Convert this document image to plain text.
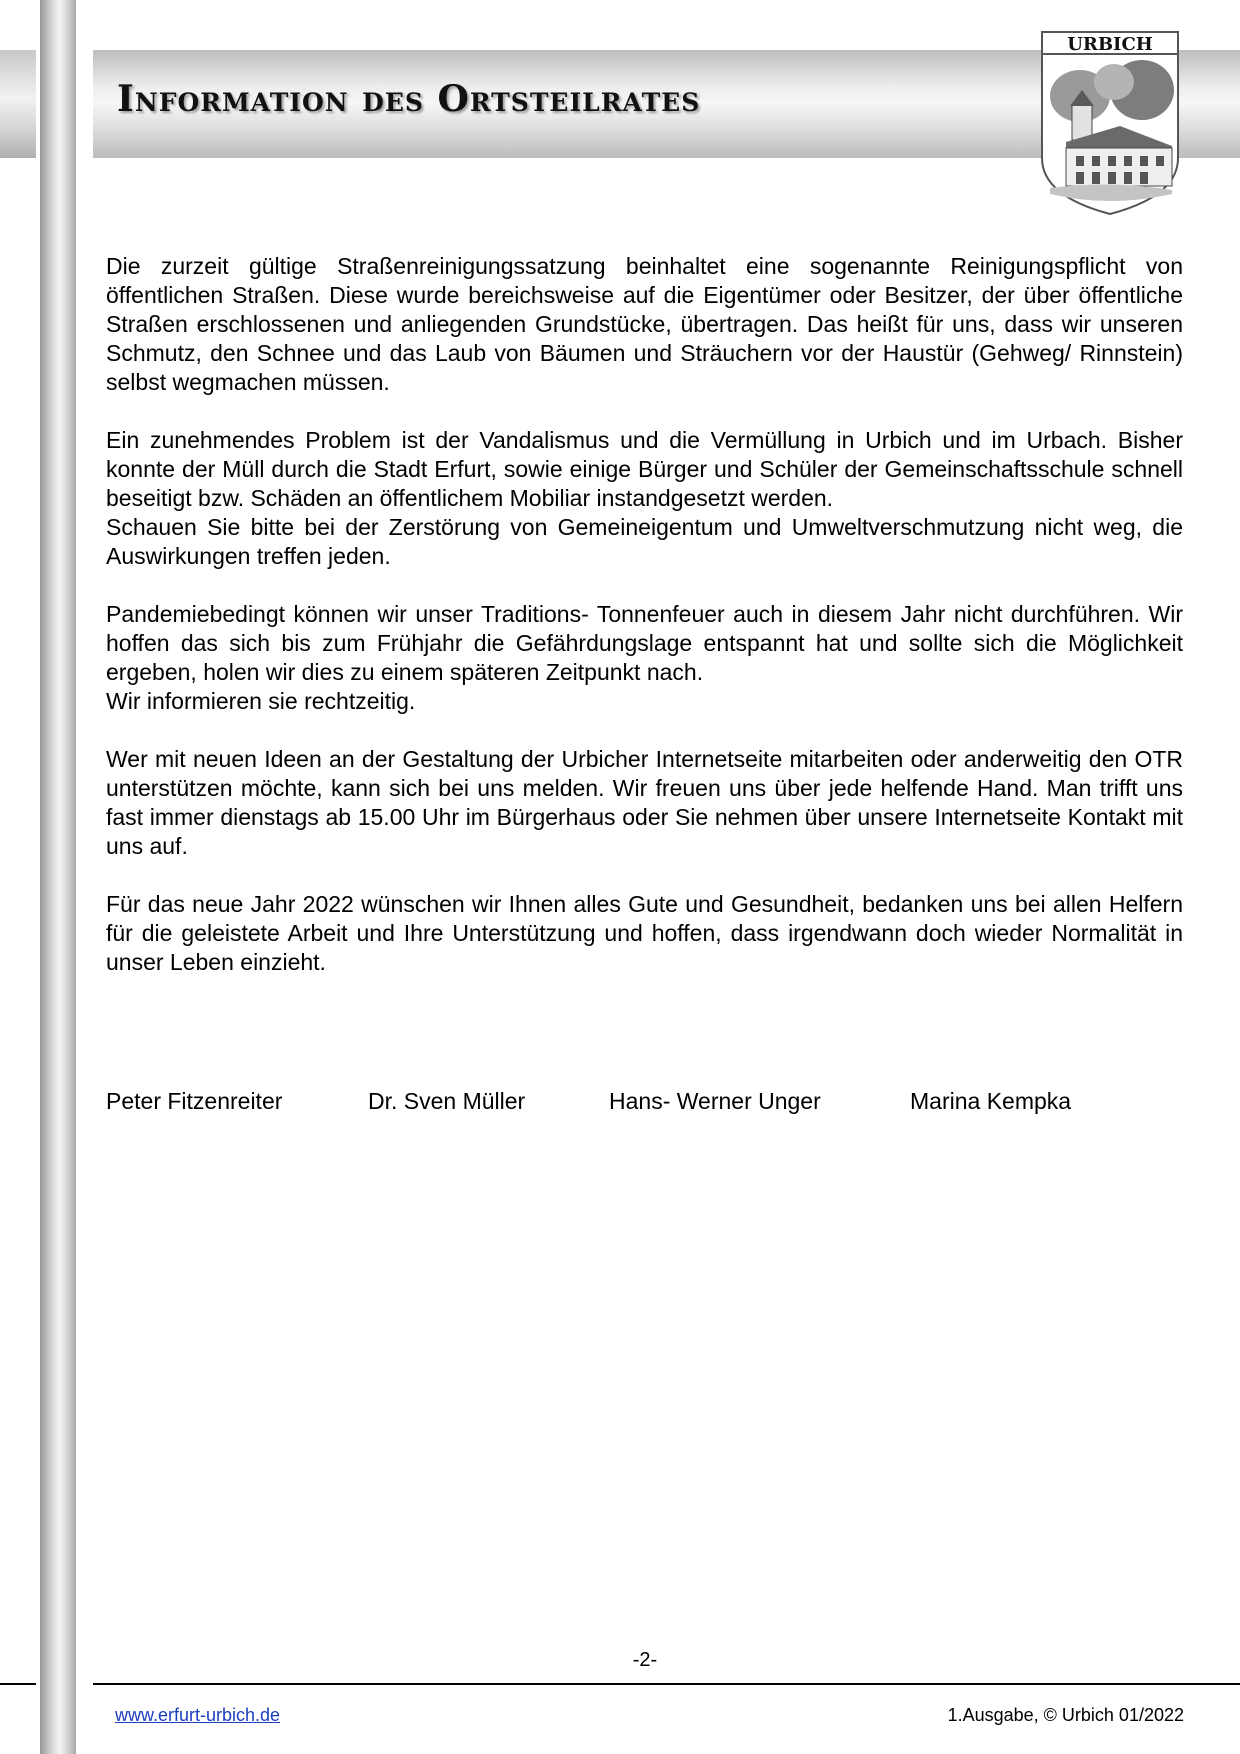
Information des Ortsteilrates
URBICH

Die zurzeit gültige Straßenreinigungssatzung beinhaltet eine sogenannte Reinigungspflicht von öffentlichen Straßen. Diese wurde bereichsweise auf die Eigentümer oder Besitzer, der über öffentliche Straßen erschlossenen und anliegenden Grundstücke, übertragen. Das heißt für uns, dass wir unseren Schmutz, den Schnee und das Laub von Bäumen und Sträuchern vor der Haustür (Gehweg/ Rinnstein) selbst wegmachen müssen.

Ein zunehmendes Problem ist der Vandalismus und die Vermüllung in Urbich und im Urbach. Bisher konnte der Müll durch die Stadt Erfurt, sowie einige Bürger und Schüler der Gemeinschaftsschule schnell beseitigt bzw. Schäden an öffentlichem Mobiliar instandgesetzt werden.

Schauen Sie bitte bei der Zerstörung von Gemeineigentum und Umweltverschmutzung nicht weg, die Auswirkungen treffen jeden.

Pandemiebedingt können wir unser Traditions- Tonnenfeuer auch in diesem Jahr nicht durchführen. Wir hoffen das sich bis zum Frühjahr die Gefährdungslage entspannt hat und sollte sich die Möglichkeit ergeben, holen wir dies zu einem späteren Zeitpunkt nach.

Wir informieren sie rechtzeitig.

Wer mit neuen Ideen an der Gestaltung der Urbicher Internetseite mitarbeiten oder anderweitig den OTR unterstützen möchte, kann sich bei uns melden. Wir freuen uns über jede helfende Hand. Man trifft uns fast immer dienstags ab 15.00 Uhr im Bürgerhaus oder Sie nehmen über unsere Internetseite Kontakt mit uns auf.

Für das neue Jahr 2022 wünschen wir Ihnen alles Gute und Gesundheit, bedanken uns bei allen Helfern für die geleistete Arbeit und Ihre Unterstützung und hoffen, dass irgendwann doch wieder Normalität in unser Leben einzieht.

Peter Fitzenreiter	Dr. Sven Müller	Hans- Werner Unger	Marina Kempka
-2-
www.erfurt-urbich.de	1.Ausgabe, © Urbich 01/2022
